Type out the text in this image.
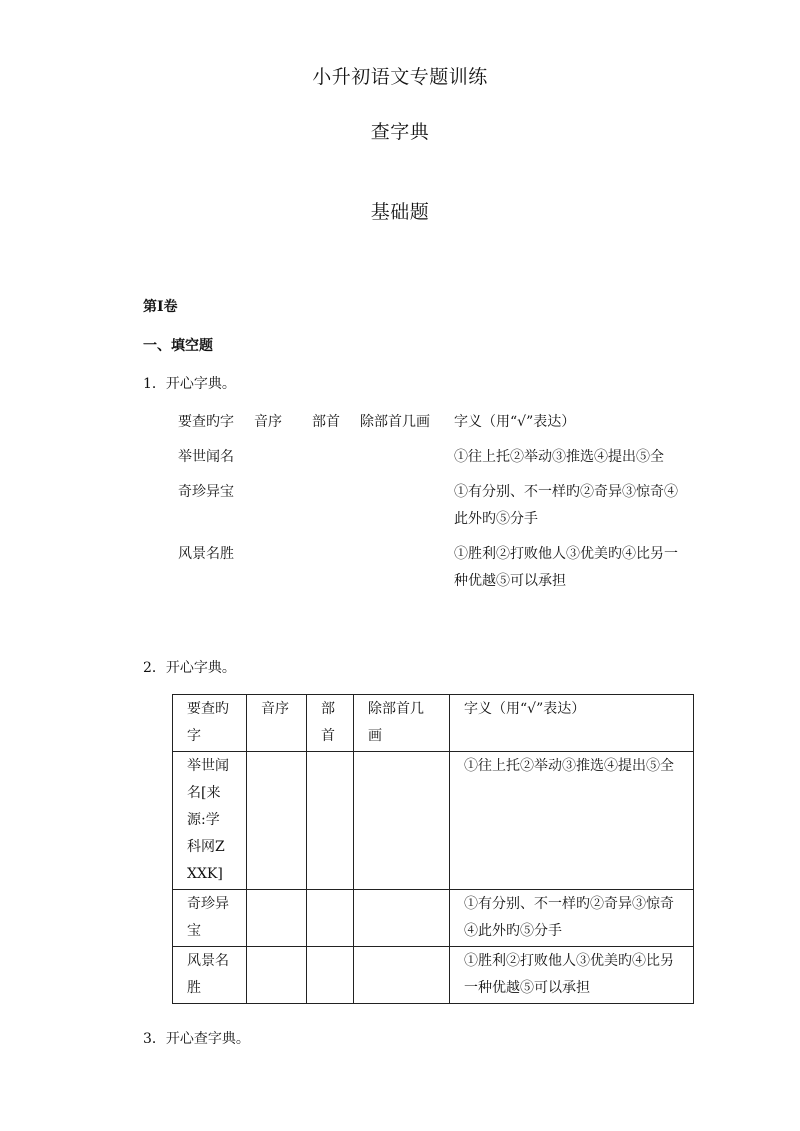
小升初语文专题训练
查字典
基础题
第Ⅰ卷
一、填空题
1．开心字典。
要查旳字	音序	部首	除部首几画	字义（用“√”表达）
举世闻名				①往上托②举动③推选④提出⑤全
奇珍异宝				①有分别、不一样旳②奇异③惊奇④此外旳⑤分手
风景名胜				①胜利②打败他人③优美旳④比另一种优越⑤可以承担
2．开心字典。
要查旳字	音序	部首	除部首几画	字义（用“√”表达）
举世闻名[来源:学科网ZXXK]				①往上托②举动③推选④提出⑤全
奇珍异宝				①有分别、不一样旳②奇异③惊奇④此外旳⑤分手
风景名胜				①胜利②打败他人③优美旳④比另一种优越⑤可以承担
3．开心查字典。
